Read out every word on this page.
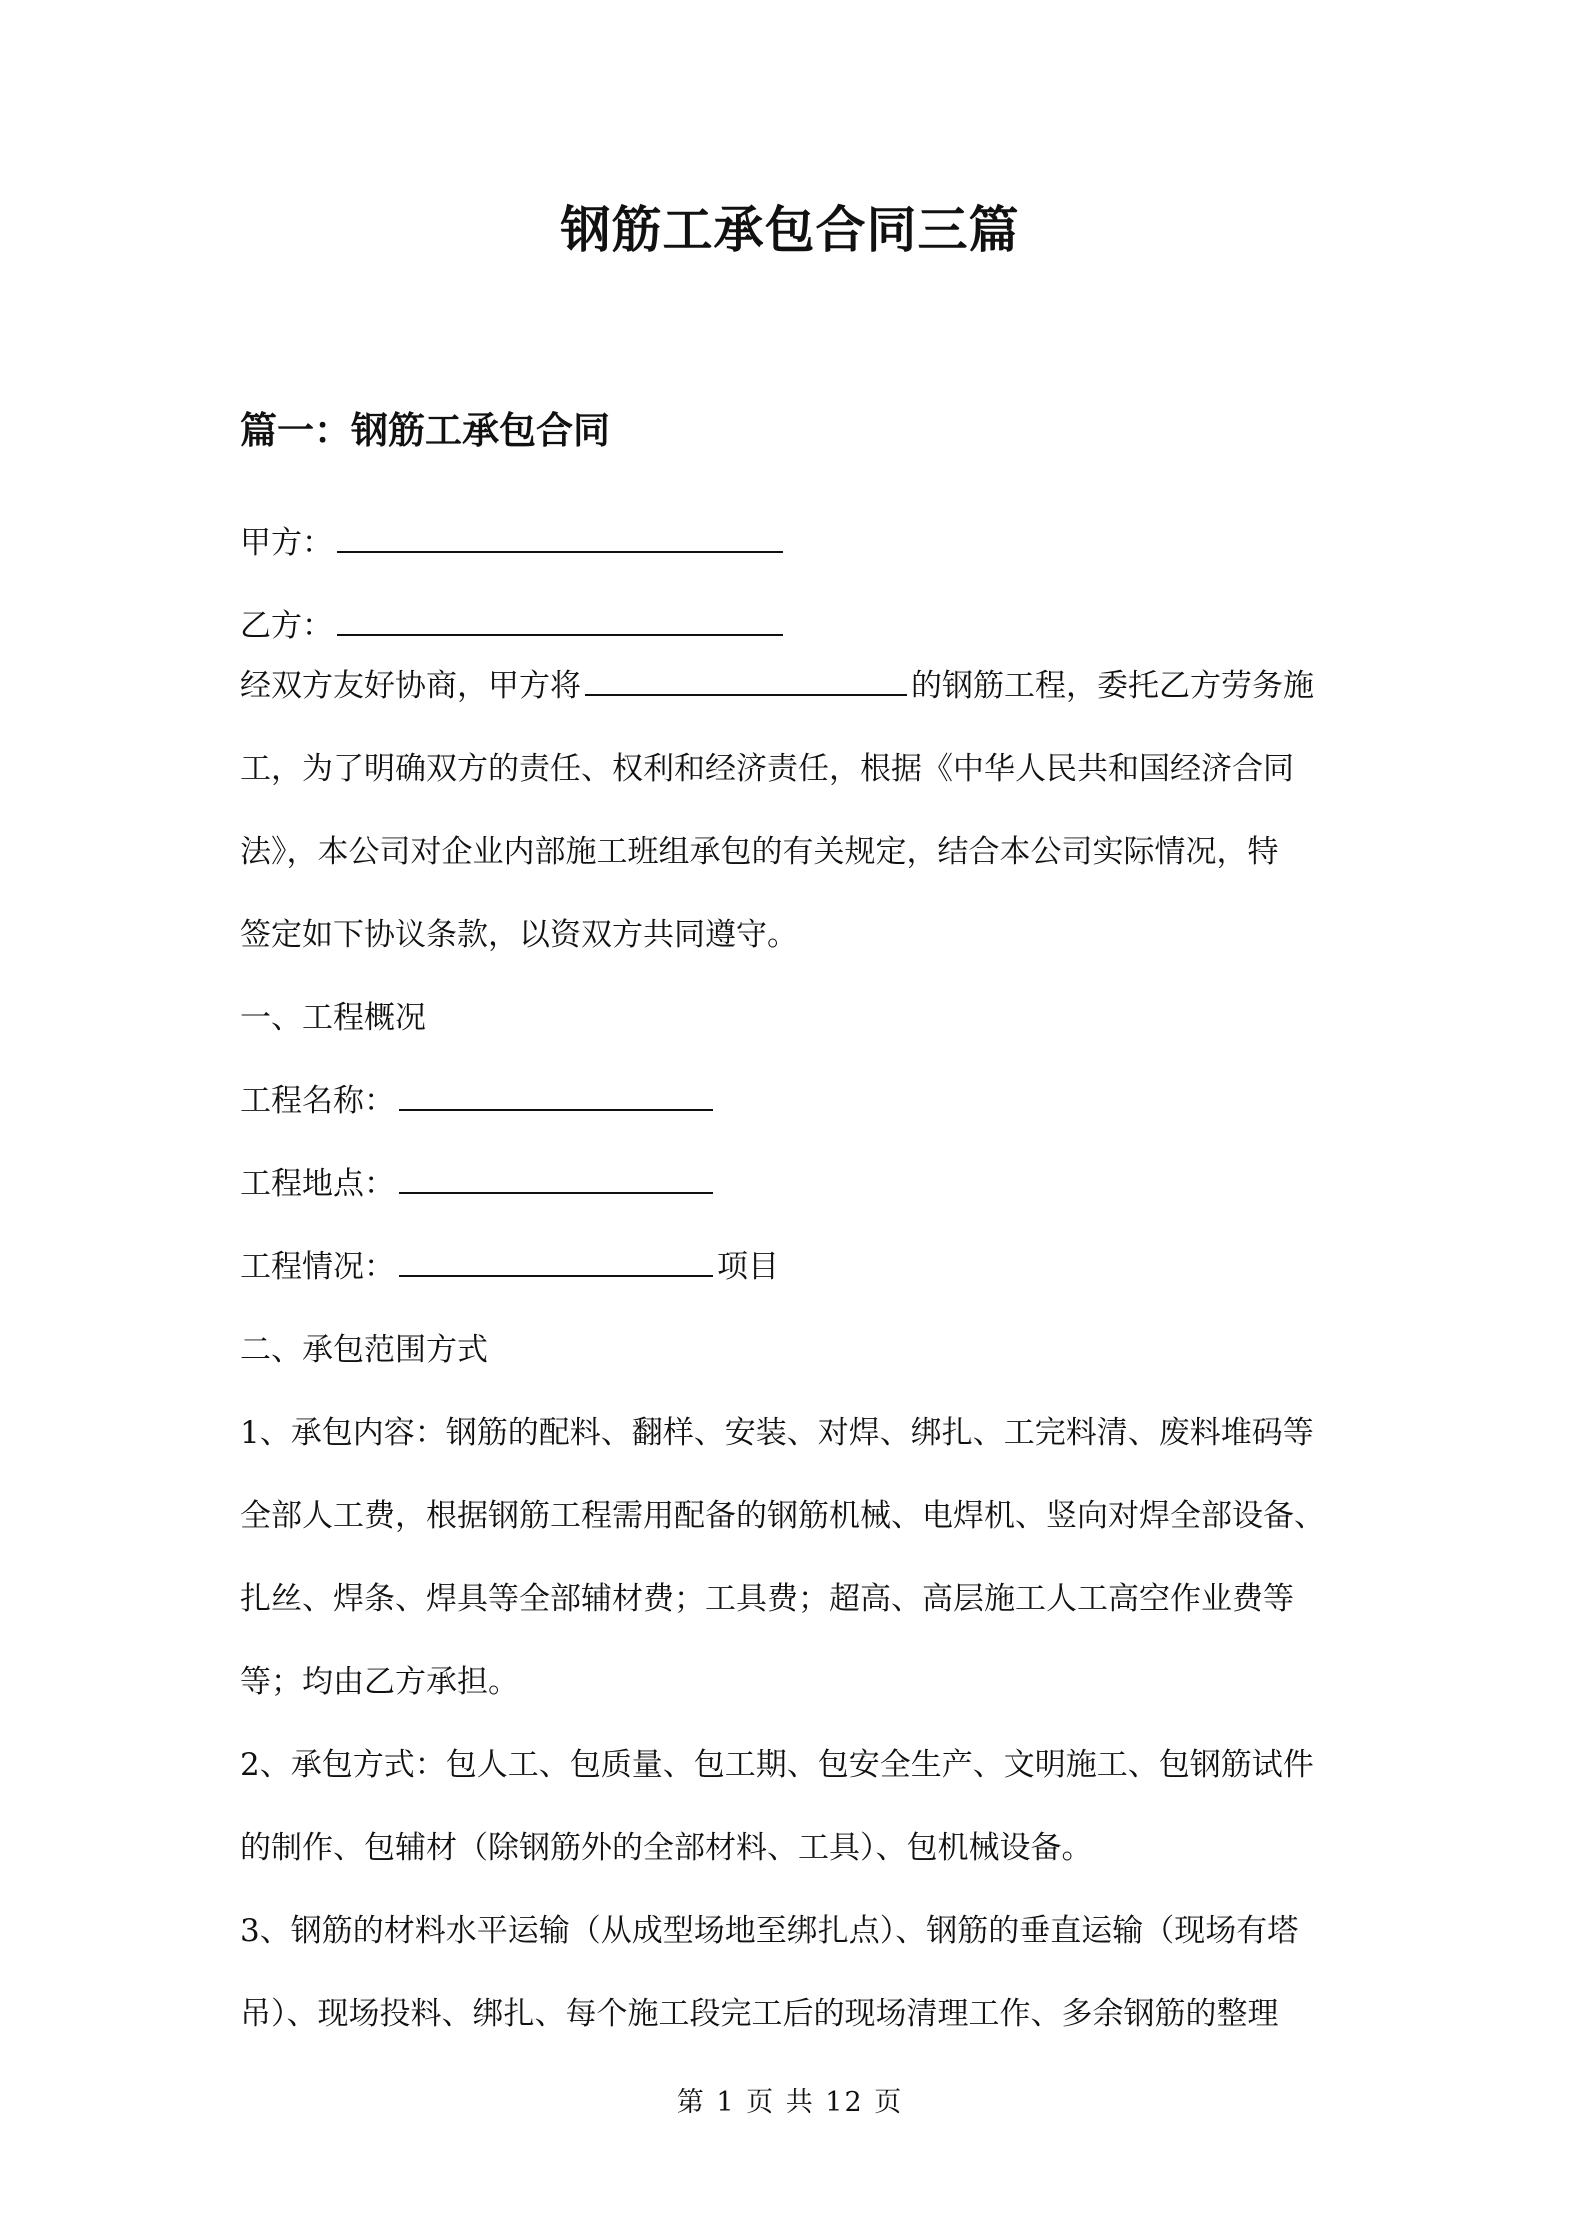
钢筋工承包合同三篇
篇一：钢筋工承包合同
甲方：
乙方：
经双方友好协商，甲方将	的钢筋工程，委托乙方劳务施
工，为了明确双方的责任、权利和经济责任，根据《中华人民共和国经济合同
法》，本公司对企业内部施工班组承包的有关规定，结合本公司实际情况，特
签定如下协议条款，以资双方共同遵守。
一、工程概况
工程名称：
工程地点：
工程情况：	项目
二、承包范围方式
1、承包内容：钢筋的配料、翻样、安装、对焊、绑扎、工完料清、废料堆码等
全部人工费，根据钢筋工程需用配备的钢筋机械、电焊机、竖向对焊全部设备、
扎丝、焊条、焊具等全部辅材费；工具费；超高、高层施工人工高空作业费等
等；均由乙方承担。
2、承包方式：包人工、包质量、包工期、包安全生产、文明施工、包钢筋试件
的制作、包辅材（除钢筋外的全部材料、工具）、包机械设备。
3、钢筋的材料水平运输（从成型场地至绑扎点）、钢筋的垂直运输（现场有塔
吊）、现场投料、绑扎、每个施工段完工后的现场清理工作、多余钢筋的整理
第 1 页 共 12 页
